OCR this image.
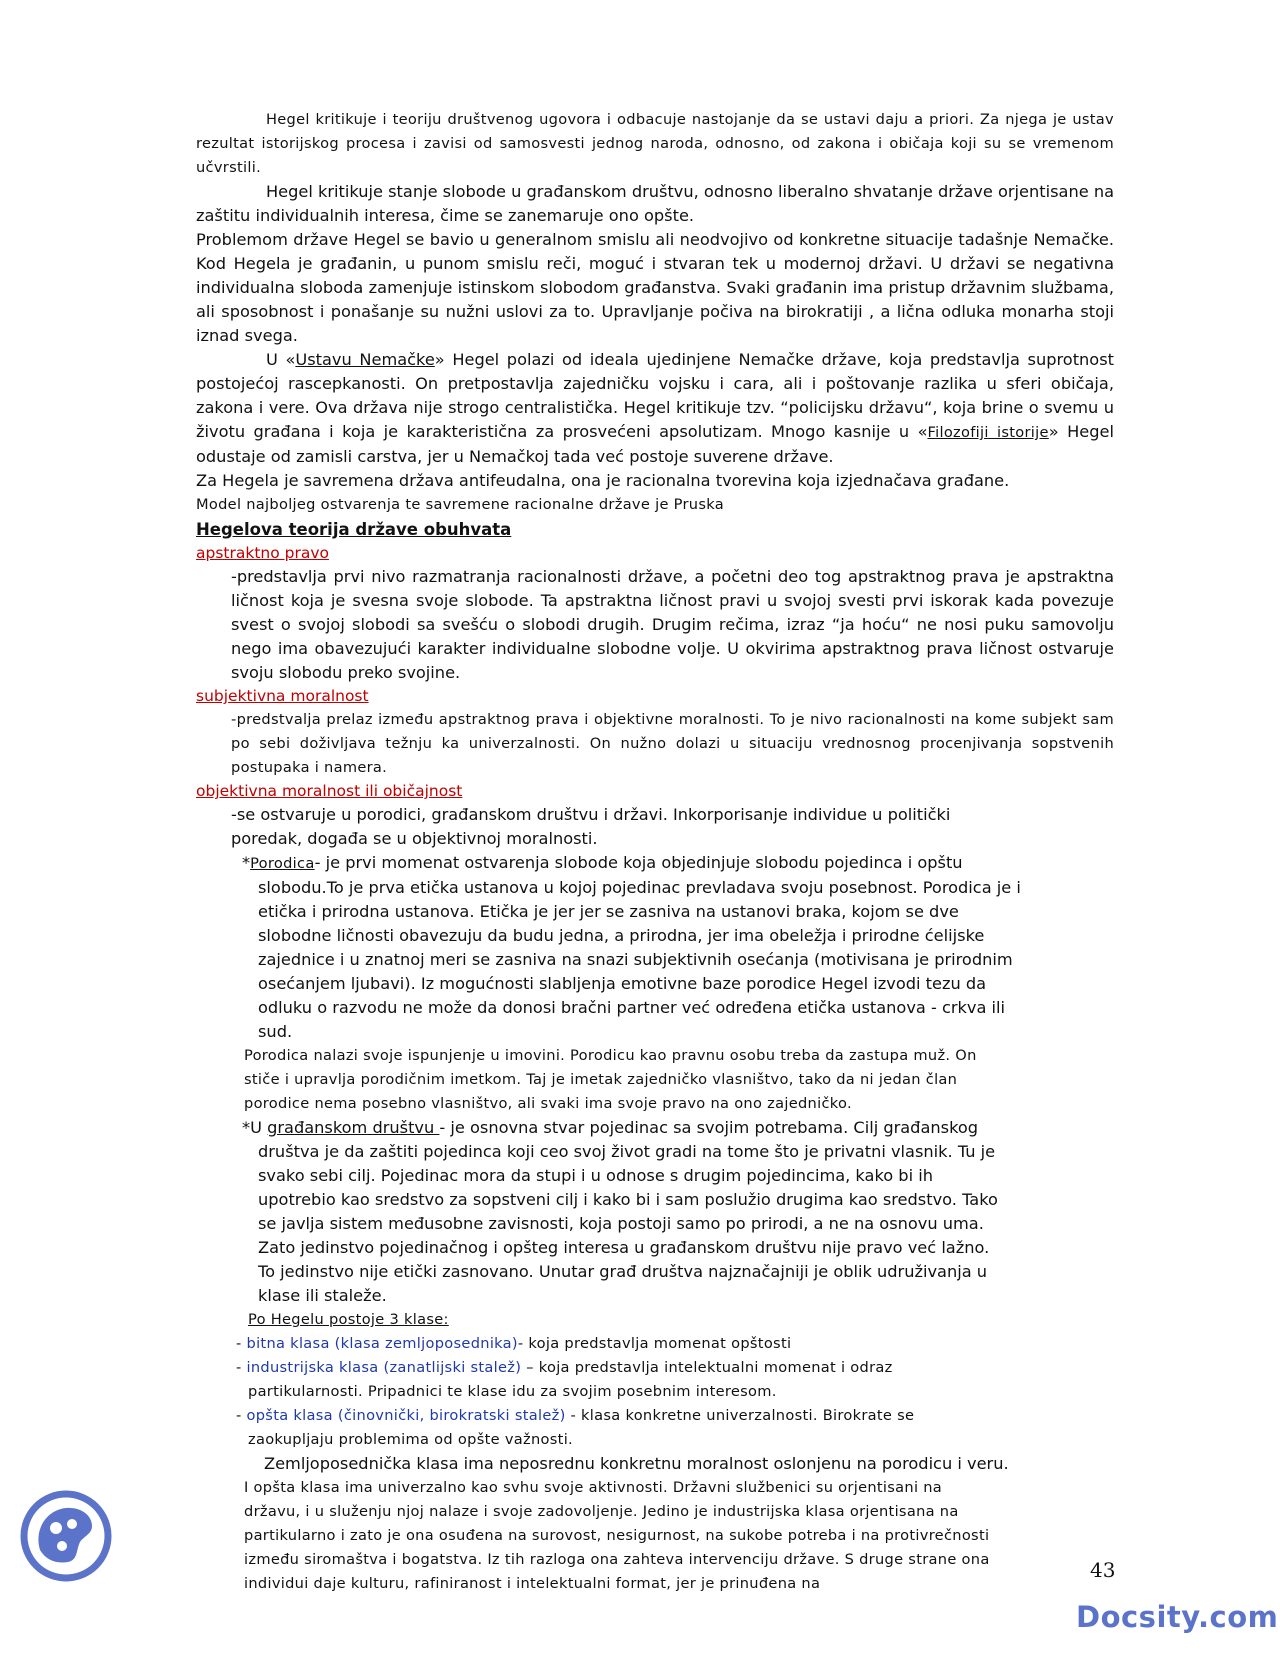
Hegel kritikuje i teoriju društvenog ugovora i odbacuje nastojanje da se ustavi daju a priori. Za njega je ustav rezultat istorijskog procesa i zavisi od samosvesti jednog naroda, odnosno, od zakona i običaja koji su se vremenom učvrstili.

Hegel kritikuje stanje slobode u građanskom društvu, odnosno liberalno shvatanje države orjentisane na zaštitu individualnih interesa, čime se zanemaruje ono opšte.

Problemom države Hegel se bavio u generalnom smislu ali neodvojivo od konkretne situacije tadašnje Nemačke. Kod Hegela je građanin, u punom smislu reči, moguć i stvaran tek u modernoj državi. U državi se negativna individualna sloboda zamenjuje istinskom slobodom građanstva. Svaki građanin ima pristup državnim službama, ali sposobnost i ponašanje su nužni uslovi za to. Upravljanje počiva na birokratiji , a lična odluka monarha stoji iznad svega.

U «Ustavu Nemačke» Hegel polazi od ideala ujedinjene Nemačke države, koja predstavlja suprotnost postojećoj rascepkanosti. On pretpostavlja zajedničku vojsku i cara, ali i poštovanje razlika u sferi običaja, zakona i vere. Ova država nije strogo centralistička. Hegel kritikuje tzv. “policijsku državu“, koja brine o svemu u životu građana i koja je karakteristična za prosvećeni apsolutizam. Mnogo kasnije u «Filozofiji istorije» Hegel odustaje od zamisli carstva, jer u Nemačkoj tada već postoje suverene države.

Za Hegela je savremena država antifeudalna, ona je racionalna tvorevina koja izjednačava građane.

Model najboljeg ostvarenja te savremene racionalne države je Pruska

Hegelova teorija države obuhvata

apstraktno pravo

-predstavlja prvi nivo razmatranja racionalnosti države, a početni deo tog apstraktnog prava je apstraktna ličnost koja je svesna svoje slobode. Ta apstraktna ličnost pravi u svojoj svesti prvi iskorak kada povezuje svest o svojoj slobodi sa svešću o slobodi drugih. Drugim rečima, izraz “ja hoću“ ne nosi puku samovolju nego ima obavezujući karakter individualne slobodne volje. U okvirima apstraktnog prava ličnost ostvaruje svoju slobodu preko svojine.

subjektivna moralnost

-predstvalja prelaz između apstraktnog prava i objektivne moralnosti. To je nivo racionalnosti na kome subjekt sam po sebi doživljava težnju ka univerzalnosti. On nužno dolazi u situaciju vrednosnog procenjivanja sopstvenih postupaka i namera.

objektivna moralnost ili običajnost

-se ostvaruje u porodici, građanskom društvu i državi. Inkorporisanje individue u politički poredak, događa se u objektivnoj moralnosti.

*Porodica- je prvi momenat ostvarenja slobode koja objedinjuje slobodu pojedinca i opštu slobodu.To je prva etička ustanova u kojoj pojedinac prevladava svoju posebnost. Porodica je i etička i prirodna ustanova. Etička je jer jer se zasniva na ustanovi braka, kojom se dve slobodne ličnosti obavezuju da budu jedna, a prirodna, jer ima obeležja i prirodne ćelijske zajednice i u znatnoj meri se zasniva na snazi subjektivnih osećanja (motivisana je prirodnim osećanjem ljubavi). Iz mogućnosti slabljenja emotivne baze porodice Hegel izvodi tezu da odluku o razvodu ne može da donosi bračni partner već određena etička ustanova - crkva ili sud.

Porodica nalazi svoje ispunjenje u imovini. Porodicu kao pravnu osobu treba da zastupa muž. On stiče i upravlja porodičnim imetkom. Taj je imetak zajedničko vlasništvo, tako da ni jedan član porodice nema posebno vlasništvo, ali svaki ima svoje pravo na ono zajedničko.

*U građanskom društvu - je osnovna stvar pojedinac sa svojim potrebama. Cilj građanskog društva je da zaštiti pojedinca koji ceo svoj život gradi na tome što je privatni vlasnik. Tu je svako sebi cilj. Pojedinac mora da stupi i u odnose s drugim pojedincima, kako bi ih upotrebio kao sredstvo za sopstveni cilj i kako bi i sam poslužio drugima kao sredstvo. Tako se javlja sistem međusobne zavisnosti, koja postoji samo po prirodi, a ne na osnovu uma. Zato jedinstvo pojedinačnog i opšteg interesa u građanskom društvu nije pravo već lažno. To jedinstvo nije etički zasnovano. Unutar građ društva najznačajniji je oblik udruživanja u klase ili staleže.

Po Hegelu postoje 3 klase:

- bitna klasa (klasa zemljoposednika)- koja predstavlja momenat opštosti

- industrijska klasa (zanatlijski stalež) – koja predstavlja intelektualni momenat i odraz partikularnosti. Pripadnici te klase idu za svojim posebnim interesom.

- opšta klasa (činovnički, birokratski stalež) - klasa konkretne univerzalnosti. Birokrate se zaokupljaju problemima od opšte važnosti.

Zemljoposednička klasa ima neposrednu konkretnu moralnost oslonjenu na porodicu i veru.

I opšta klasa ima univerzalno kao svhu svoje aktivnosti. Državni službenici su orjentisani na državu, i u služenju njoj nalaze i svoje zadovoljenje. Jedino je industrijska klasa orjentisana na partikularno i zato je ona osuđena na surovost, nesigurnost, na sukobe potreba i na protivrečnosti između siromaštva i bogatstva. Iz tih razloga ona zahteva intervenciju države. S druge strane ona individui daje kulturu, rafiniranost i intelektualni format, jer je prinuđena na

43
Docsity.com
